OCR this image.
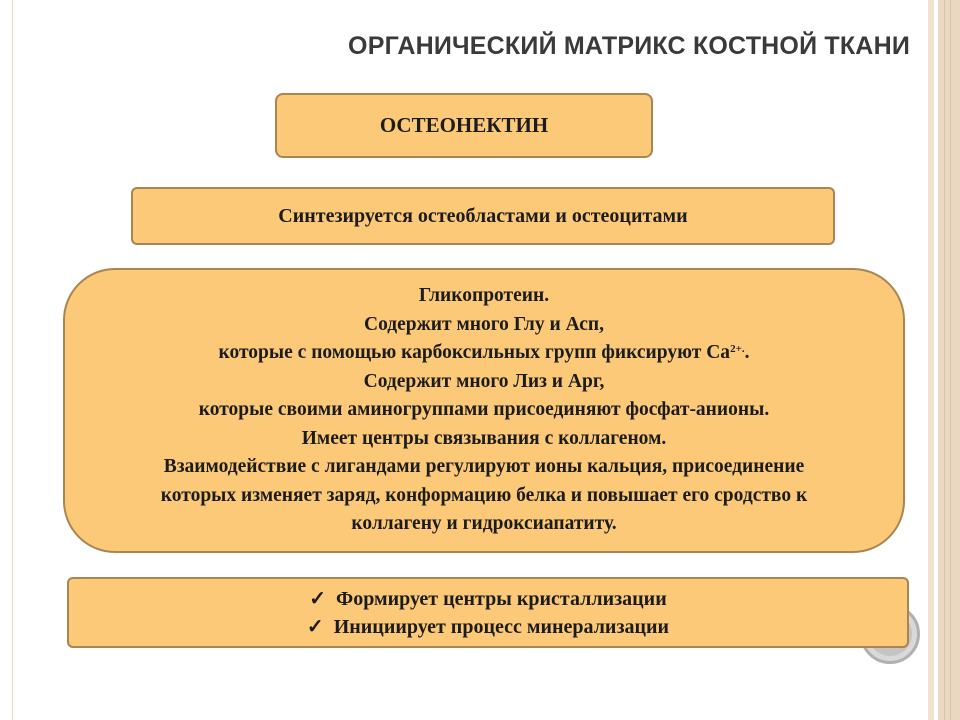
ОРГАНИЧЕСКИЙ МАТРИКС КОСТНОЙ ТКАНИ
ОСТЕОНЕКТИН
Синтезируется остеобластами и остеоцитами
Гликопротеин.
Содержит много Глу и Асп,
которые с помощью карбоксильных групп фиксируют $Са^{2+.}$.
Содержит много Лиз и Арг,
которые своими аминогруппами присоединяют фосфат-анионы.
Имеет центры связывания с коллагеном.
Взаимодействие с лигандами регулируют ионы кальция, присоединение
которых изменяет заряд, конформацию белка и повышает его сродство к
коллагену и гидроксиапатиту.
✓ Формирует центры кристаллизации
✓ Инициирует процесс минерализации
